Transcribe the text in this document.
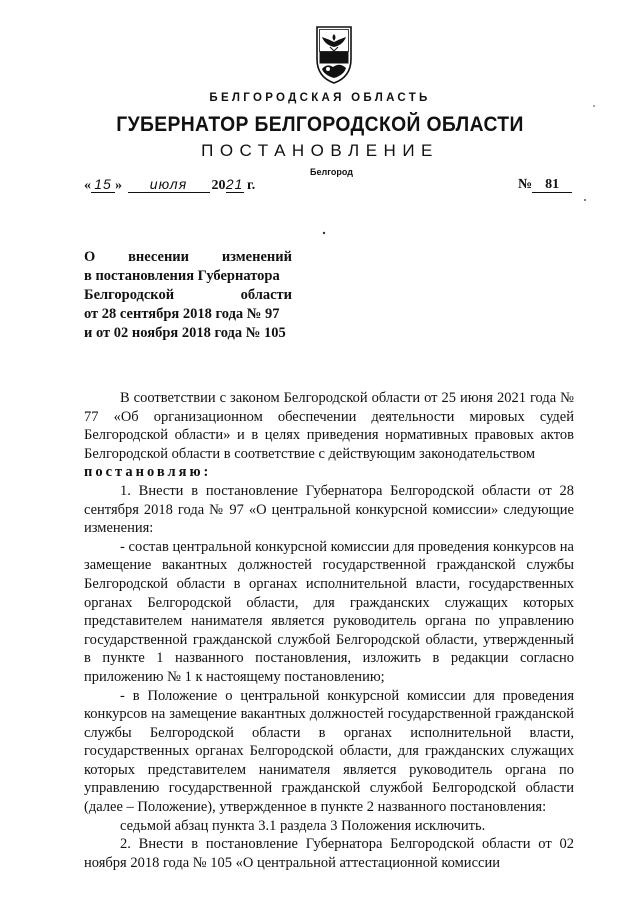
БЕЛГОРОДСКАЯ ОБЛАСТЬ
ГУБЕРНАТОР БЕЛГОРОДСКОЙ ОБЛАСТИ
ПОСТАНОВЛЕНИЕ
Белгород
« 15 » июля 2021 г.	№ 81
О внесении изменений
в постановления Губернатора
Белгородской	области
от 28 сентября 2018 года № 97
и от 02 ноября 2018 года № 105

В соответствии с законом Белгородской области от 25 июня 2021 года № 77 «Об организационном обеспечении деятельности мировых судей Белгородской области» и в целях приведения нормативных правовых актов Белгородской области в соответствие с действующим законодательством

постановляю:

1. Внести в постановление Губернатора Белгородской области от 28 сентября 2018 года № 97 «О центральной конкурсной комиссии» следующие изменения:

- состав центральной конкурсной комиссии для проведения конкурсов на замещение вакантных должностей государственной гражданской службы Белгородской области в органах исполнительной власти, государственных органах Белгородской области, для гражданских служащих которых представителем нанимателя является руководитель органа по управлению государственной гражданской службой Белгородской области, утвержденный в пункте 1 названного постановления, изложить в редакции согласно приложению № 1 к настоящему постановлению;

- в Положение о центральной конкурсной комиссии для проведения конкурсов на замещение вакантных должностей государственной гражданской службы Белгородской области в органах исполнительной власти, государственных органах Белгородской области, для гражданских служащих которых представителем нанимателя является руководитель органа по управлению государственной гражданской службой Белгородской области (далее – Положение), утвержденное в пункте 2 названного постановления:

седьмой абзац пункта 3.1 раздела 3 Положения исключить.

2. Внести в постановление Губернатора Белгородской области от 02 ноября 2018 года № 105 «О центральной аттестационной комиссии
